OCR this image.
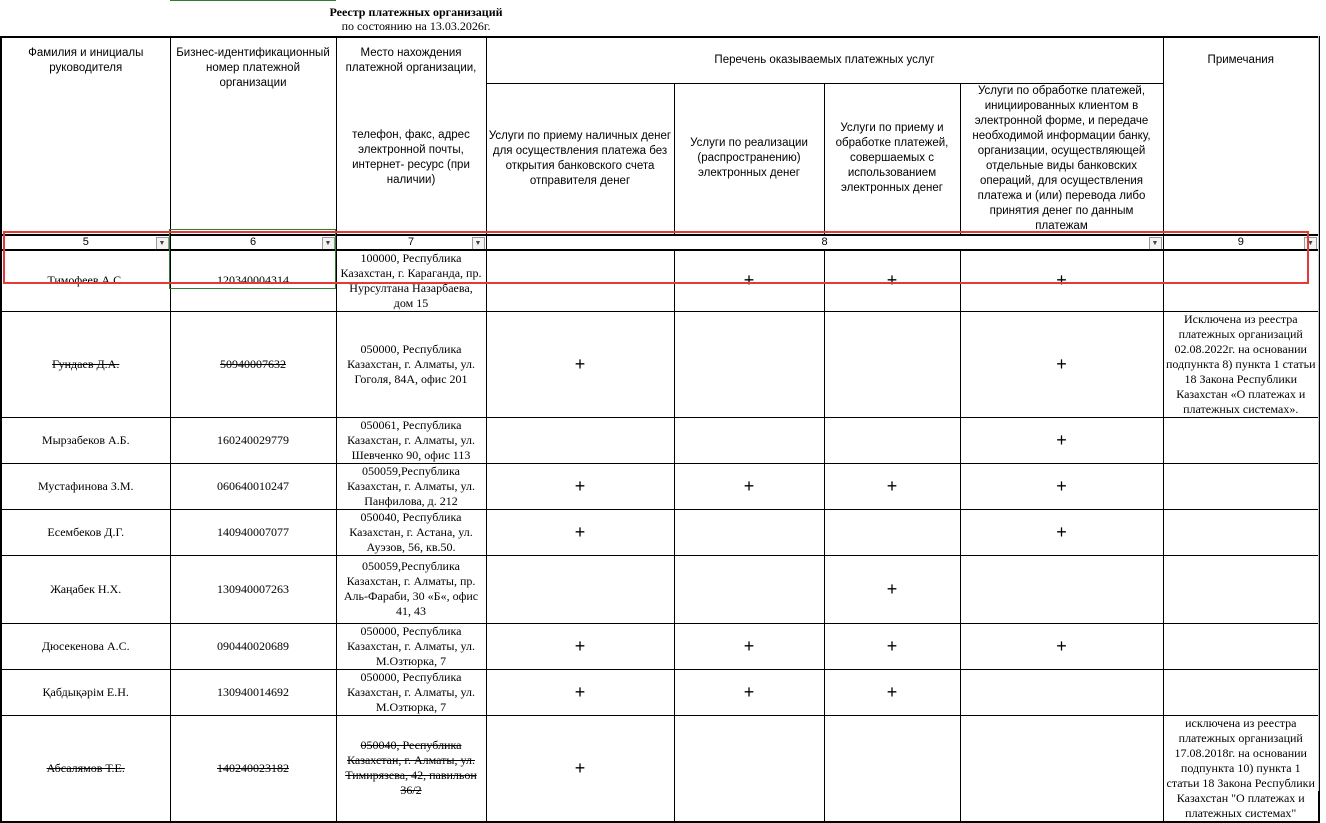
Реестр платежных организаций
по состоянию на 13.03.2026г.
Фамилия и инициалы руководителя	Бизнес-идентификационный номер платежной организации	Место нахождения платежной организации,	Перечень оказываемых платежных услуг				Примечания
		телефон, факс, адрес электронной почты, интернет- ресурс (при наличии)	Услуги по приему наличных денег для осуществления платежа без открытия банковского счета отправителя денег	Услуги по реализации (распространению) электронных денег	Услуги по приему и обработке платежей, совершаемых с использованием электронных денег	Услуги по обработке платежей, инициированных клиентом в электронной форме, и передаче необходимой информации банку, организации, осуществляющей отдельные виды банковских операций, для осуществления платежа и (или) перевода либо принятия денег по данным платежам	
5 ▼	6 ▼	7 ▼	8 ▼				9 ▼

Тимофеев А.С.	120340004314	100000, Республика Казахстан, г. Караганда, пр. Нурсултана Назарбаева, дом 15		+	+	+	
Гундаев Д.А.	50940007632	050000, Республика Казахстан, г. Алматы, ул. Гоголя, 84А, офис 201	+			+	Исключена из реестра платежных организаций 02.08.2022г. на основании подпункта 8) пункта 1 статьи 18 Закона Республики Казахстан «О платежах и платежных системах».
Мырзабеков А.Б.	160240029779	050061, Республика Казахстан, г. Алматы, ул. Шевченко 90, офис 113				+	
Мустафинова З.М.	060640010247	050059,Республика Казахстан, г. Алматы, ул. Панфилова, д. 212	+	+	+	+	
Есембеков Д.Г.	140940007077	050040, Республика Казахстан, г. Астана, ул. Ауэзов, 56, кв.50.	+			+	
Жаңабек Н.Х.	130940007263	050059,Республика Казахстан, г. Алматы, пр. Аль-Фараби, 30 «Б«, офис 41, 43			+		
Дюсекенова А.С.	090440020689	050000, Республика Казахстан, г. Алматы, ул. М.Озтюрка, 7	+	+	+	+	
Қабдықәрім Е.Н.	130940014692	050000, Республика Казахстан, г. Алматы, ул. М.Озтюрка, 7	+	+	+		
Абсалямов Т.Е.	140240023182	050040, Республика Казахстан, г. Алматы, ул. Тимирязева, 42, павильон 36/2	+				исключена из реестра платежных организаций 17.08.2018г. на основании подпункта 10) пункта 1 статьи 18 Закона Республики Казахстан "О платежах и платежных системах"
